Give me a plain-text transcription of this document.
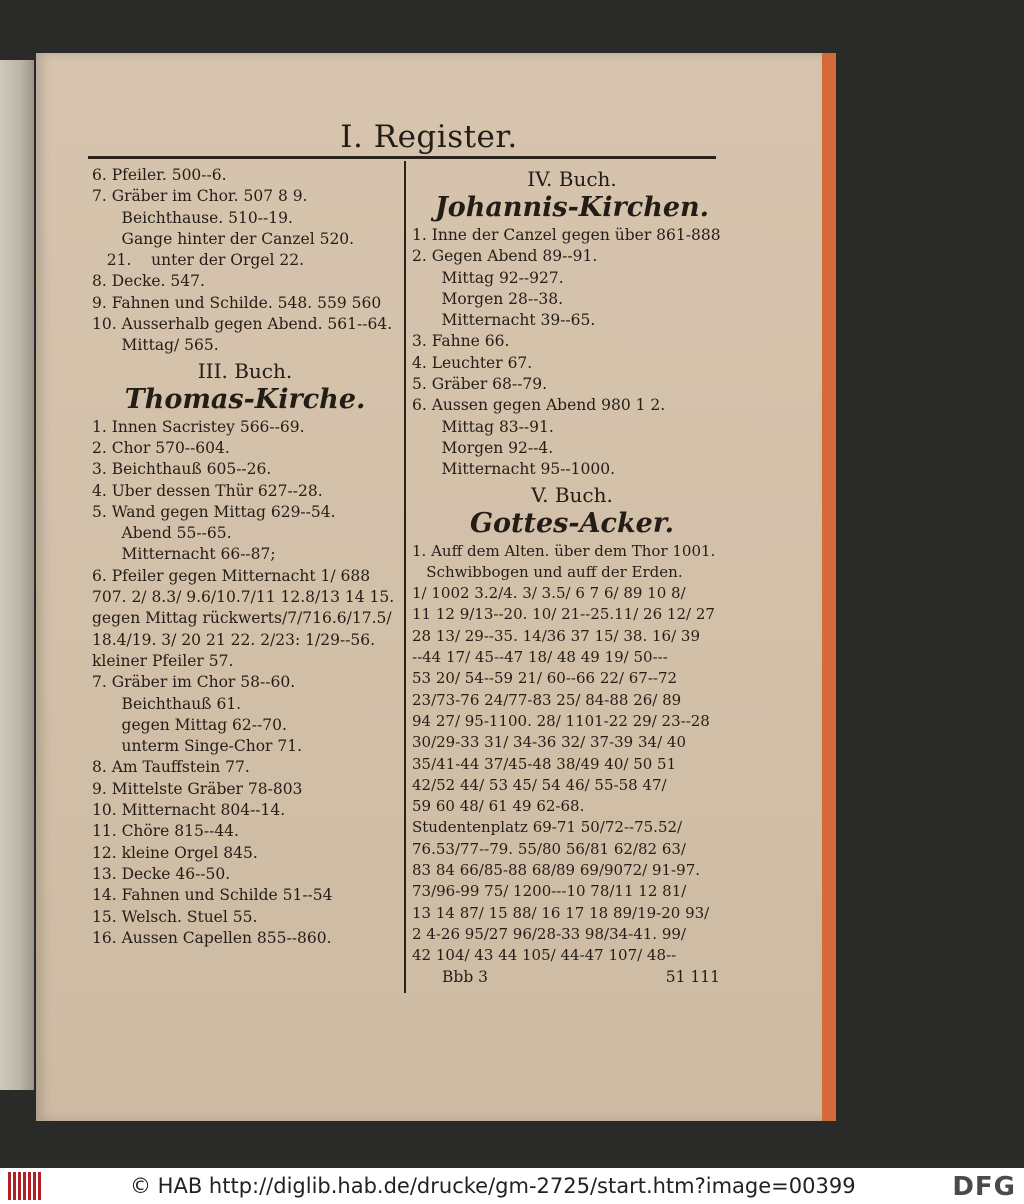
I. Register.
6. Pfeiler. 500--6.
7. Gräber im Chor. 507 8 9.
Beichthause. 510--19.
Gange hinter der Canzel 520.
21.    unter der Orgel 22.
8. Decke. 547.
9. Fahnen und Schilde. 548. 559 560
10. Ausserhalb gegen Abend. 561--64.
Mittag/ 565.
III. Buch.
Thomas-Kirche.
1. Innen Sacristey 566--69.
2. Chor 570--604.
3. Beichthauß 605--26.
4. Uber dessen Thür 627--28.
5. Wand gegen Mittag 629--54.
Abend 55--65.
Mitternacht 66--87;
6. Pfeiler gegen Mitternacht 1/ 688
707. 2/ 8.3/ 9.6/10.7/11 12.8/13 14 15.
gegen Mittag rückwerts/7/716.6/17.5/
18.4/19. 3/ 20 21 22. 2/23: 1/29--56.
kleiner Pfeiler 57.
7. Gräber im Chor 58--60.
Beichthauß 61.
gegen Mittag 62--70.
unterm Singe-Chor 71.
8. Am Tauffstein 77.
9. Mittelste Gräber 78-803
10. Mitternacht 804--14.
11. Chöre 815--44.
12. kleine Orgel 845.
13. Decke 46--50.
14. Fahnen und Schilde 51--54
15. Welsch. Stuel 55.
16. Aussen Capellen 855--860.
IV. Buch.
Johannis-Kirchen.
1. Inne der Canzel gegen über 861-888
2. Gegen Abend 89--91.
Mittag 92--927.
Morgen 28--38.
Mitternacht 39--65.
3. Fahne 66.
4. Leuchter 67.
5. Gräber 68--79.
6. Aussen gegen Abend 980 1 2.
Mittag 83--91.
Morgen 92--4.
Mitternacht 95--1000.
V. Buch.
Gottes-Acker.
1. Auff dem Alten. über dem Thor 1001.
Schwibbogen und auff der Erden.
1/ 1002 3.2/4. 3/ 3.5/ 6 7 6/ 89 10 8/
11 12 9/13--20. 10/ 21--25.11/ 26 12/ 27
28 13/ 29--35. 14/36 37 15/ 38. 16/ 39
--44 17/ 45--47 18/ 48 49 19/ 50---
53 20/ 54--59 21/ 60--66 22/ 67--72
23/73-76 24/77-83 25/ 84-88 26/ 89
94 27/ 95-1100. 28/ 1101-22 29/ 23--28
30/29-33 31/ 34-36 32/ 37-39 34/ 40
35/41-44 37/45-48 38/49 40/ 50 51
42/52 44/ 53 45/ 54 46/ 55-58 47/
59 60 48/ 61 49 62-68.
Studentenplatz 69-71 50/72--75.52/
76.53/77--79. 55/80 56/81 62/82 63/
83 84 66/85-88 68/89 69/9072/ 91-97.
73/96-99 75/ 1200---10 78/11 12 81/
13 14 87/ 15 88/ 16 17 18 89/19-20 93/
2 4-26 95/27 96/28-33 98/34-41. 99/
42 104/ 43 44 105/ 44-47 107/ 48--
Bbb 3	51 111
© HAB http://diglib.hab.de/drucke/gm-2725/start.htm?image=00399	DFG
